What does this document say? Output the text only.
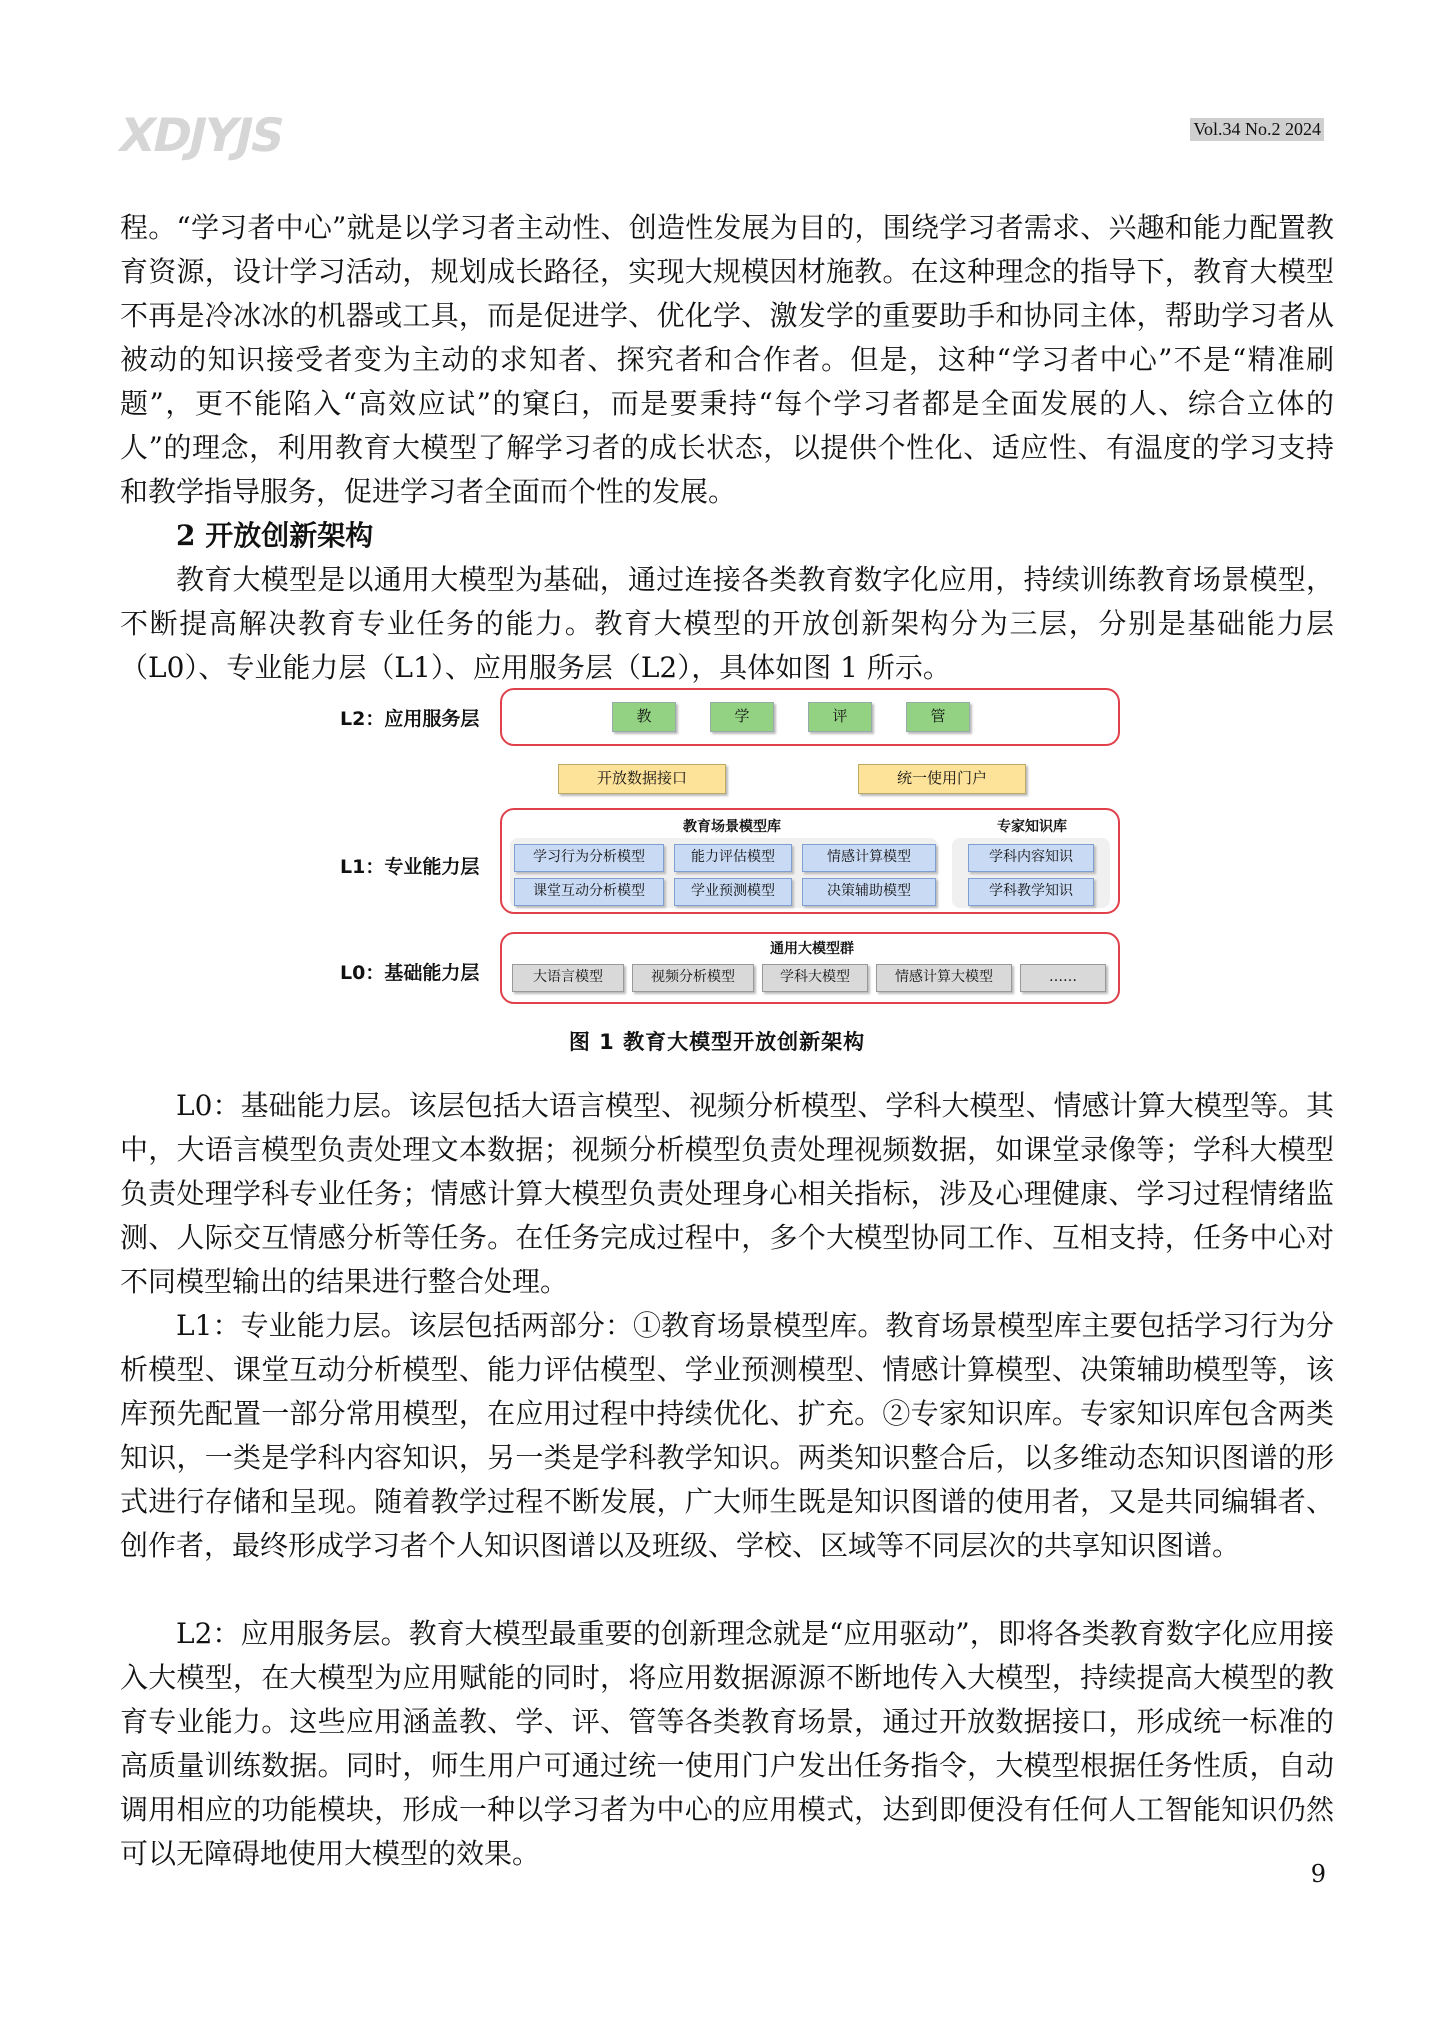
XDJYJS	Vol.34 No.2 2024

程。“学习者中心”就是以学习者主动性、创造性发展为目的，围绕学习者需求、兴趣和能力配置教育资源，设计学习活动，规划成长路径，实现大规模因材施教。在这种理念的指导下，教育大模型不再是冷冰冰的机器或工具，而是促进学、优化学、激发学的重要助手和协同主体，帮助学习者从被动的知识接受者变为主动的求知者、探究者和合作者。但是，这种“学习者中心”不是“精准刷题”，更不能陷入“高效应试”的窠臼，而是要秉持“每个学习者都是全面发展的人、综合立体的人”的理念，利用教育大模型了解学习者的成长状态，以提供个性化、适应性、有温度的学习支持和教学指导服务，促进学习者全面而个性的发展。

2 开放创新架构

教育大模型是以通用大模型为基础，通过连接各类教育数字化应用，持续训练教育场景模型，不断提高解决教育专业任务的能力。教育大模型的开放创新架构分为三层，分别是基础能力层（L0）、专业能力层（L1）、应用服务层（L2），具体如图 1 所示。

L2：应用服务层	教	学	评	管
开放数据接口	统一使用门户
L1：专业能力层
教育场景模型库	专家知识库
学习行为分析模型	能力评估模型	情感计算模型
课堂互动分析模型	学业预测模型	决策辅助模型
学科内容知识
学科教学知识
L0：基础能力层
通用大模型群
大语言模型	视频分析模型	学科大模型	情感计算大模型	……
图 1 教育大模型开放创新架构

L0：基础能力层。该层包括大语言模型、视频分析模型、学科大模型、情感计算大模型等。其中，大语言模型负责处理文本数据；视频分析模型负责处理视频数据，如课堂录像等；学科大模型负责处理学科专业任务；情感计算大模型负责处理身心相关指标，涉及心理健康、学习过程情绪监测、人际交互情感分析等任务。在任务完成过程中，多个大模型协同工作、互相支持，任务中心对不同模型输出的结果进行整合处理。

L1：专业能力层。该层包括两部分：①教育场景模型库。教育场景模型库主要包括学习行为分析模型、课堂互动分析模型、能力评估模型、学业预测模型、情感计算模型、决策辅助模型等，该库预先配置一部分常用模型，在应用过程中持续优化、扩充。②专家知识库。专家知识库包含两类知识，一类是学科内容知识，另一类是学科教学知识。两类知识整合后，以多维动态知识图谱的形式进行存储和呈现。随着教学过程不断发展，广大师生既是知识图谱的使用者，又是共同编辑者、创作者，最终形成学习者个人知识图谱以及班级、学校、区域等不同层次的共享知识图谱。

L2：应用服务层。教育大模型最重要的创新理念就是“应用驱动”，即将各类教育数字化应用接入大模型，在大模型为应用赋能的同时，将应用数据源源不断地传入大模型，持续提高大模型的教育专业能力。这些应用涵盖教、学、评、管等各类教育场景，通过开放数据接口，形成统一标准的高质量训练数据。同时，师生用户可通过统一使用门户发出任务指令，大模型根据任务性质，自动调用相应的功能模块，形成一种以学习者为中心的应用模式，达到即便没有任何人工智能知识仍然可以无障碍地使用大模型的效果。

9
